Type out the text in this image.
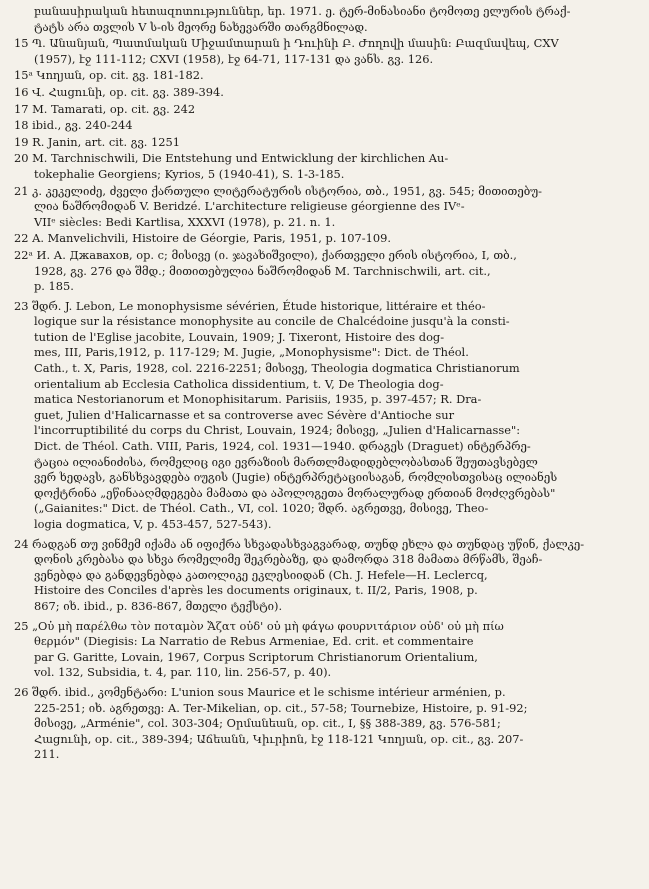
բանասիրական հետազոտություններ, եր. 1971. ე. ტერ-მინასიანი ტომოთე ელურის ტრაქ-
ტატს არა თვლის V ს-ის მეორე ნახევარში თარგმნილად.
15 Պ. Անանյան, Պատմական Միջամտարան ի Դուինի Բ. Ժողովի մասին: Բազմավեպ, CXV
(1957), էջ 111-112; CXVI (1958), էջ 64-71, 117-131 და ვანს. გვ. 126.
15ᵃ Կողյան, op. cit. გვ. 181-182.
16 Վ. Հացունի, op. cit. გვ. 389-394.
17 M. Tamarati, op. cit. გვ. 242
18 ibid., გვ. 240-244
19 R. Janin, art. cit. გვ. 1251
20 M. Tarchnischwili, Die Entstehung und Entwicklung der kirchlichen Au-
tokephalie Georgiens; Kyrios, 5 (1940-41), S. 1-3-185.
21 კ. კეკელიძე, ძველი ქართული ლიტერატურის ისტორია, თბ., 1951, გვ. 545; მითითებუ-
ლია ნაშრომიდან V. Beridzé. L'architecture religieuse géorgienne des IVᵉ-
VIIᵉ siècles: Bedi Kartlisa, XXXVI (1978), p. 21. n. 1.
22 A. Manvelichvili, Histoire de Géorgie, Paris, 1951, p. 107-109.
22ᵃ И. А. Джавахов, op. c; მისივე (ი. ჯავახიშვილი), ქართველი ერის ისტორია, I, თბ.,
1928, გვ. 276 და შმდ.; მითითებულია ნაშრომიდან M. Tarchnischwili, art. cit.,
p. 185.
23 შდრ. J. Lebon, Le monophysisme sévérien, Étude historique, littéraire et théo-
logique sur la résistance monophysite au concile de Chalcédoine jusqu'à la consti-
tution de l'Eglise jacobite, Louvain, 1909; J. Tixeront, Histoire des dog-
mes, III, Paris,1912, p. 117-129; M. Jugie, „Monophysisme": Dict. de Théol.
Cath., t. X, Paris, 1928, col. 2216-2251; მისივე, Theologia dogmatica Christianorum
orientalium ab Ecclesia Catholica dissidentium, t. V, De Theologia dog-
matica Nestorianorum et Monophisitarum. Parisiis, 1935, p. 397-457; R. Dra-
guet, Julien d'Halicarnasse et sa controverse avec Sévère d'Antioche sur
l'incorruptibilité du corps du Christ, Louvain, 1924; მისივე, „Julien d'Halicarnasse":
Dict. de Théol. Cath. VIII, Paris, 1924, col. 1931—1940. დრაგეს (Draguet) ინტერპრე-
ტაცია ილიანიძისა, რომელიც იგი ევრაზიის მართლმადიდებლობასთან შეუთავსებელ
ვერ ხედავს, განსხვავდება იუგის (Jugie) ინტერპრეტაციისაგან, რომლისთვისაც ილიანეს
დოქტრინა „ეწინააღმდეგება მამათა და აპოლოგეთა მორალურად ერთიან მოძღვრებას"
(„Gaianites:" Dict. de Théol. Cath., VI, col. 1020; შდრ. აგრეთვე, მისივე, Theo-
logia dogmatica, V, p. 453-457, 527-543).
24 რადგან თუ ვინმემ იქამა ან იფიქრა სხვადასხვაგვარად, თუნდ ეხლა და თუნდაც უწინ, ქალკე-
დონის კრებასა და სხვა რომელიმე შეკრებაზე, და დამორდა 318 მამათა მრწამს, შეაჩ-
ვენებდა და განდევნებდა კათოლიკე ეკლესიიდან (Ch. J. Hefele—H. Leclercq,
Histoire des Conciles d'après les documents originaux, t. II/2, Paris, 1908, p.
867; იხ. ibid., p. 836-867, მთელი ტექსტი).
25 „Οὐ μὴ παρέλθω τὸν ποταμὸν Ἄζατ οὐδ' οὐ μὴ φάγω φουρνιτάριον οὐδ' οὐ μὴ πίω
θερμόν" (Diegisis: La Narratio de Rebus Armeniae, Ed. crit. et commentaire
par G. Garitte, Lovain, 1967, Corpus Scriptorum Christianorum Orientalium,
vol. 132, Subsidia, t. 4, par. 110, lin. 256-57, p. 40).
26 შდრ. ibid., კომენტარი: L'union sous Maurice et le schisme intérieur arménien, p.
225-251; იხ. აგრეთვე: A. Ter-Mikelian, op. cit., 57-58; Tournebize, Histoire, p. 91-92;
მისივე, „Arménie", col. 303-304; Օրմանեան, op. cit., I, §§ 388-389, გვ. 576-581;
Հացունի, op. cit., 389-394; Աճեանն, Կիւրիոն, էջ 118-121 Կողյան, op. cit., გვ. 207-
211.
